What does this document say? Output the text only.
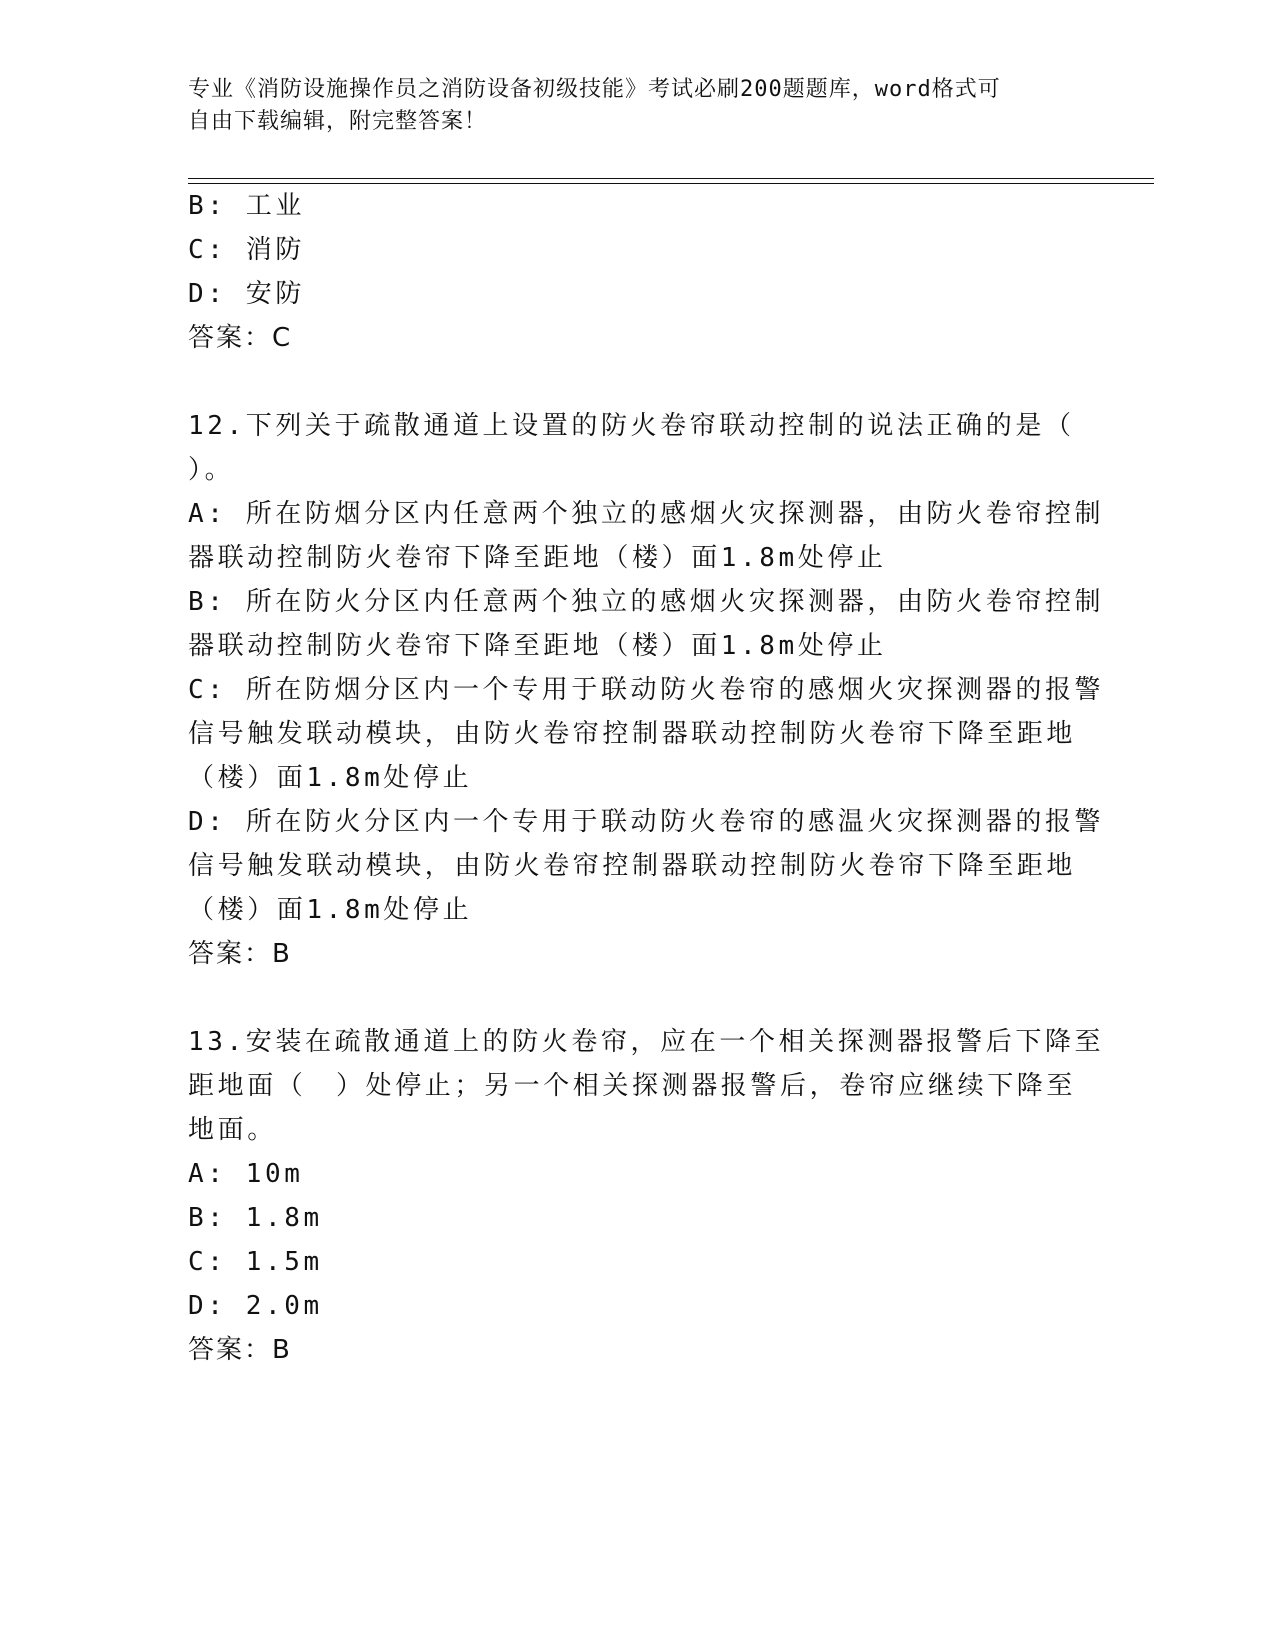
专业《消防设施操作员之消防设备初级技能》考试必刷200题题库，word格式可
自由下载编辑，附完整答案！
B: 工业
C: 消防
D: 安防
答案：C
12.下列关于疏散通道上设置的防火卷帘联动控制的说法正确的是（
）。
A: 所在防烟分区内任意两个独立的感烟火灾探测器，由防火卷帘控制
器联动控制防火卷帘下降至距地（楼）面1.8m处停止
B: 所在防火分区内任意两个独立的感烟火灾探测器，由防火卷帘控制
器联动控制防火卷帘下降至距地（楼）面1.8m处停止
C: 所在防烟分区内一个专用于联动防火卷帘的感烟火灾探测器的报警
信号触发联动模块，由防火卷帘控制器联动控制防火卷帘下降至距地
（楼）面1.8m处停止
D: 所在防火分区内一个专用于联动防火卷帘的感温火灾探测器的报警
信号触发联动模块，由防火卷帘控制器联动控制防火卷帘下降至距地
（楼）面1.8m处停止
答案：B
13.安装在疏散通道上的防火卷帘，应在一个相关探测器报警后下降至
距地面（　）处停止；另一个相关探测器报警后，卷帘应继续下降至
地面。
A: 10m
B: 1.8m
C: 1.5m
D: 2.0m
答案：B
